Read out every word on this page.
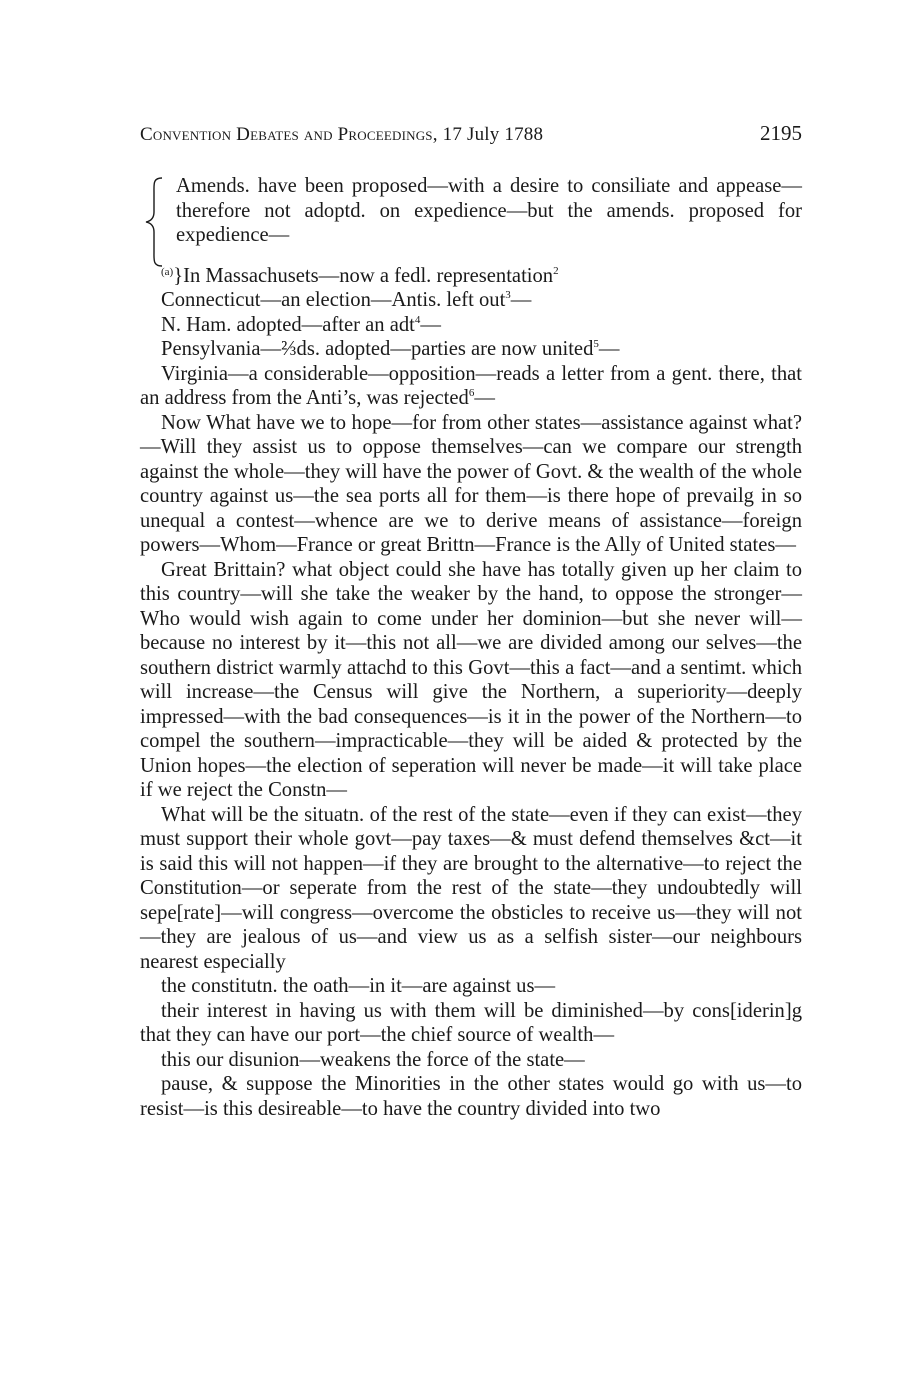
Convention Debates and Proceedings, 17 July 1788	2195
Amends. have been proposed—with a desire to consiliate and appease—therefore not adoptd. on expedience—but the amends. proposed for expedience—

$^{(a)}$}In Massachusets—now a fedl. representation$^2$

Connecticut—an election—Antis. left out$^3$—

N. Ham. adopted—after an adt$^4$—

Pensylvania—⅔ds. adopted—parties are now united$^5$—

Virginia—a considerable—opposition—reads a letter from a gent. there, that an address from the Anti’s, was rejected$^6$—

Now What have we to hope—for from other states—assistance against what?—Will they assist us to oppose themselves—can we compare our strength against the whole—they will have the power of Govt. & the wealth of the whole country against us—the sea ports all for them—is there hope of prevailg in so unequal a contest—whence are we to derive means of assistance—foreign powers—Whom—France or great Brittn—France is the Ally of United states—

Great Brittain? what object could she have has totally given up her claim to this country—will she take the weaker by the hand, to oppose the stronger—Who would wish again to come under her dominion—but she never will—because no interest by it—this not all—we are divided among our selves—the southern district warmly attachd to this Govt—this a fact—and a sentimt. which will increase—the Census will give the Northern, a superiority—deeply impressed—with the bad consequences—is it in the power of the Northern—to compel the southern—impracticable—they will be aided & protected by the Union hopes—the election of seperation will never be made—it will take place if we reject the Constn—

What will be the situatn. of the rest of the state—even if they can exist—they must support their whole govt—pay taxes—& must defend themselves &ct—it is said this will not happen—if they are brought to the alternative—to reject the Constitution—or seperate from the rest of the state—they undoubtedly will sepe[rate]—will congress—overcome the obsticles to receive us—they will not—they are jealous of us—and view us as a selfish sister—our neighbours nearest especially

the constitutn. the oath—in it—are against us—

their interest in having us with them will be diminished—by cons[iderin]g that they can have our port—the chief source of wealth—

this our disunion—weakens the force of the state—

pause, & suppose the Minorities in the other states would go with us—to resist—is this desireable—to have the country divided into two
